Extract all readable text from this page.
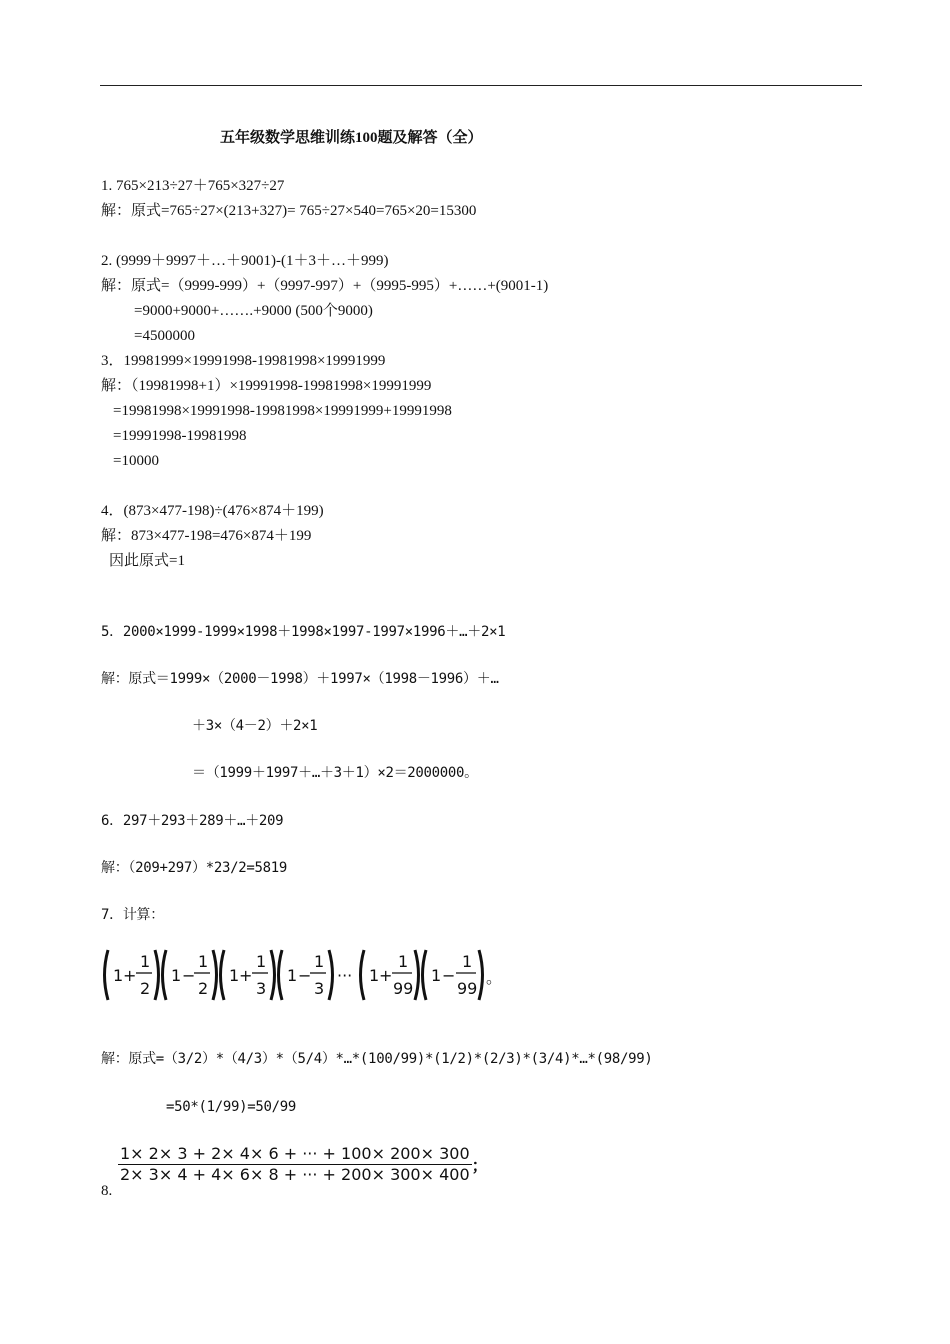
五年级数学思维训练100题及解答（全）
1. 765×213÷27＋765×327÷27
解：原式=765÷27×(213+327)= 765÷27×540=765×20=15300
2. (9999＋9997＋…＋9001)-(1＋3＋…＋999)
解：原式=（9999-999）+（9997-997）+（9995-995）+……+(9001-1)
=9000+9000+…….+9000 (500个9000)
=4500000
3．19981999×19991998-19981998×19991999
解：（19981998+1）×19991998-19981998×19991999
=19981998×19991998-19981998×19991999+19991998
=19991998-19981998
=10000
4．(873×477-198)÷(476×874＋199)
解：873×477-198=476×874＋199
因此原式=1
5．2000×1999-1999×1998＋1998×1997-1997×1996＋…＋2×1
解：原式＝1999×（2000－1998）＋1997×（1998－1996）＋…
＋3×（4－2）＋2×1
＝（1999＋1997＋…＋3＋1）×2＝2000000。
6．297＋293＋289＋…＋209
解：（209+297）*23/2=5819
7．计算：
1 +
1
2
1 −
1
2
1 +
1
3
1 −
1
3
··· 1 +
1
99
1 −
1
99
。
解：原式=（3/2）*（4/3）*（5/4）*…*(100/99)*(1/2)*(2/3)*(3/4)*…*(98/99)
=50*(1/99)=50/99
$\frac{1\times 2\times 3 + 2\times 4\times 6 + \cdot\cdot\cdot + 100\times 200\times 300}{2\times 3\times 4 + 4\times 6\times 8 + \cdot\cdot\cdot + 200\times 300\times 400}$ ；
8.
